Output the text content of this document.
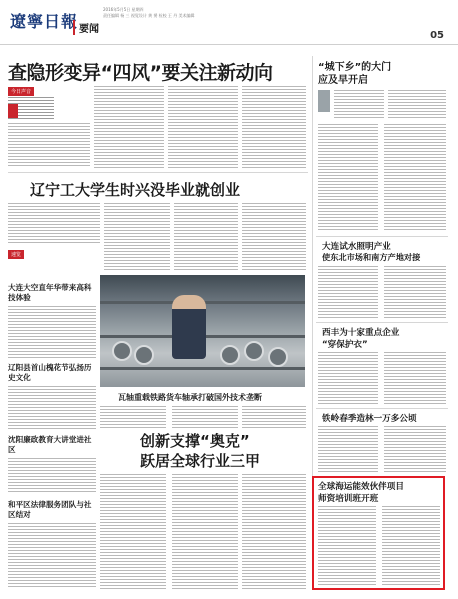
遼寧日報 要闻
2016年5月5日 星期四
责任编辑 杨 三 视觉设计 黄 赟 检校 王 丹 美术编辑
05
查隐形变异“四风”要关注新动向
今日声音
辽宁工大学生时兴没毕业就创业
速览
大连大空直年华带来高科技体验
辽阳县首山槐花节弘扬历史文化
沈阳廉政教育大讲堂进社区
和平区法律服务团队与社区结对
瓦轴重载铁路货车轴承打破国外技术垄断
创新支撑“奥克”
跃居全球行业三甲
“城下乡”的大门
应及早开启
大连试水照明产业
使东北市场和南方产地对接
西丰为十家重点企业
“穿保护衣”
铁岭春季造林一万多公顷
全球海运能效伙伴项目
师资培训班开班
